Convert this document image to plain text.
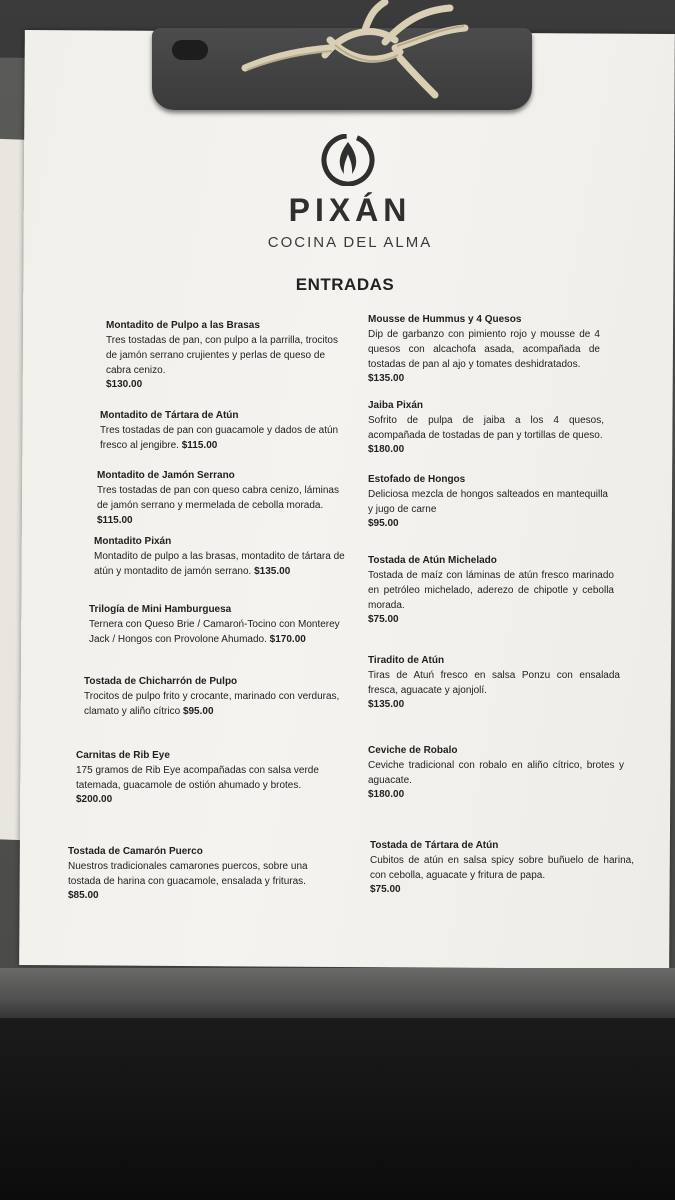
PIXÁN
COCINA DEL ALMA
ENTRADAS
Montadito de Pulpo a las Brasas
Tres tostadas de pan, con pulpo a la parrilla, trocitos de jamón serrano crujientes y perlas de queso de cabra cenizo.
$130.00
Montadito de Tártara de Atún
Tres tostadas de pan con guacamole y dados de atún fresco al jengibre. $115.00
Montadito de Jamón Serrano
Tres tostadas de pan con queso cabra cenizo, láminas de jamón serrano y mermelada de cebolla morada. $115.00
Montadito Pixán
Montadito de pulpo a las brasas, montadito de tártara de atún y montadito de jamón serrano. $135.00
Trilogía de Mini Hamburguesa
Ternera con Queso Brie / Camaroń-Tocino con Monterey Jack / Hongos con Provolone Ahumado. $170.00
Tostada de Chicharrón de Pulpo
Trocitos de pulpo frito y crocante, marinado con verduras, clamato y aliño cítrico $95.00
Carnitas de Rib Eye
175 gramos de Rib Eye acompañadas con salsa verde tatemada, guacamole de ostión ahumado y brotes.
$200.00
Tostada de Camarón Puerco
Nuestros tradicionales camarones puercos, sobre una tostada de harina con guacamole, ensalada y frituras.
$85.00
Mousse de Hummus y 4 Quesos
Dip de garbanzo con pimiento rojo y mousse de 4 quesos con alcachofa asada, acompañada de tostadas de pan al ajo y tomates deshidratados.
$135.00
Jaiba Pixán
Sofrito de pulpa de jaiba a los 4 quesos, acompañada de tostadas de pan y tortillas de queso.
$180.00
Estofado de Hongos
Deliciosa mezcla de hongos salteados en mantequilla y jugo de carne
$95.00
Tostada de Atún Michelado
Tostada de maíz con láminas de atún fresco marinado en petróleo michelado, aderezo de chipotle y cebolla morada.
$75.00
Tiradito de Atún
Tiras de Atuń fresco en salsa Ponzu con ensalada fresca, aguacate y ajonjolí.
$135.00
Ceviche de Robalo
Ceviche tradicional con robalo en aliño cítrico, brotes y aguacate.
$180.00
Tostada de Tártara de Atún
Cubitos de atún en salsa spicy sobre buñuelo de harina, con cebolla, aguacate y fritura de papa.
$75.00
